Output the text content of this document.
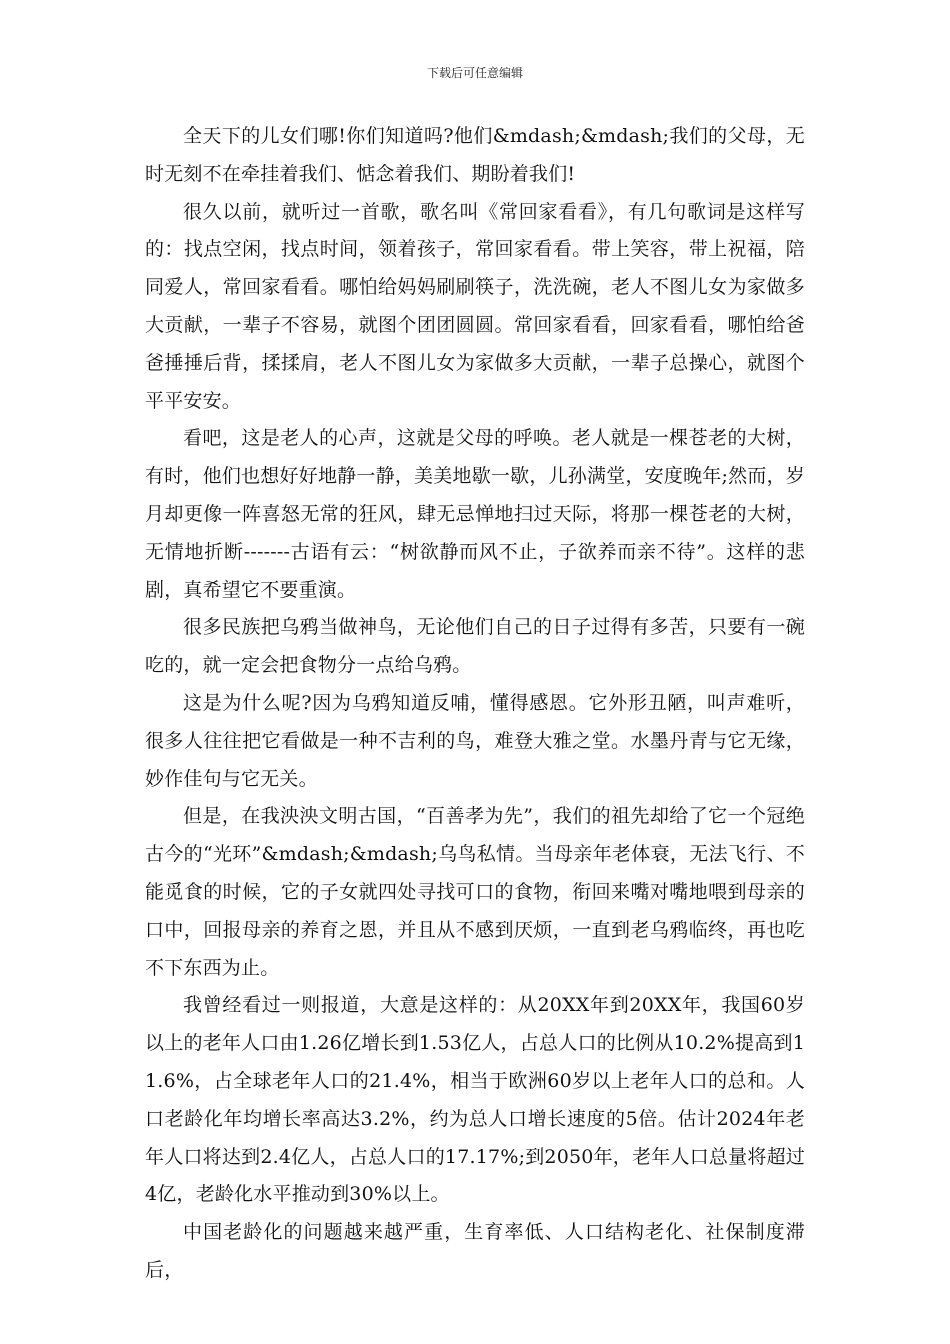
下载后可任意编辑

全天下的儿女们哪!你们知道吗?他们&mdash;&mdash;我们的父母，无时无刻不在牵挂着我们、惦念着我们、期盼着我们!

很久以前，就听过一首歌，歌名叫《常回家看看》，有几句歌词是这样写的：找点空闲，找点时间，领着孩子，常回家看看。带上笑容，带上祝福，陪同爱人，常回家看看。哪怕给妈妈刷刷筷子，洗洗碗，老人不图儿女为家做多大贡献，一辈子不容易，就图个团团圆圆。常回家看看，回家看看，哪怕给爸爸捶捶后背，揉揉肩，老人不图儿女为家做多大贡献，一辈子总操心，就图个平平安安。

看吧，这是老人的心声，这就是父母的呼唤。老人就是一棵苍老的大树，有时，他们也想好好地静一静，美美地歇一歇，儿孙满堂，安度晚年;然而，岁月却更像一阵喜怒无常的狂风，肆无忌惮地扫过天际，将那一棵苍老的大树，无情地折断-------古语有云：“树欲静而风不止，子欲养而亲不待”。这样的悲剧，真希望它不要重演。

很多民族把乌鸦当做神鸟，无论他们自己的日子过得有多苦，只要有一碗吃的，就一定会把食物分一点给乌鸦。

这是为什么呢?因为乌鸦知道反哺，懂得感恩。它外形丑陋，叫声难听，很多人往往把它看做是一种不吉利的鸟，难登大雅之堂。水墨丹青与它无缘，妙作佳句与它无关。

但是，在我泱泱文明古国，“百善孝为先”，我们的祖先却给了它一个冠绝古今的“光环”&mdash;&mdash;乌鸟私情。当母亲年老体衰，无法飞行、不能觅食的时候，它的子女就四处寻找可口的食物，衔回来嘴对嘴地喂到母亲的口中，回报母亲的养育之恩，并且从不感到厌烦，一直到老乌鸦临终，再也吃不下东西为止。

我曾经看过一则报道，大意是这样的：从20XX年到20XX年，我国60岁以上的老年人口由1.26亿增长到1.53亿人，占总人口的比例从10.2%提高到11.6%，占全球老年人口的21.4%，相当于欧洲60岁以上老年人口的总和。人口老龄化年均增长率高达3.2%，约为总人口增长速度的5倍。估计2024年老年人口将达到2.4亿人，占总人口的17.17%;到2050年，老年人口总量将超过4亿，老龄化水平推动到30%以上。

中国老龄化的问题越来越严重，生育率低、人口结构老化、社保制度滞后，
